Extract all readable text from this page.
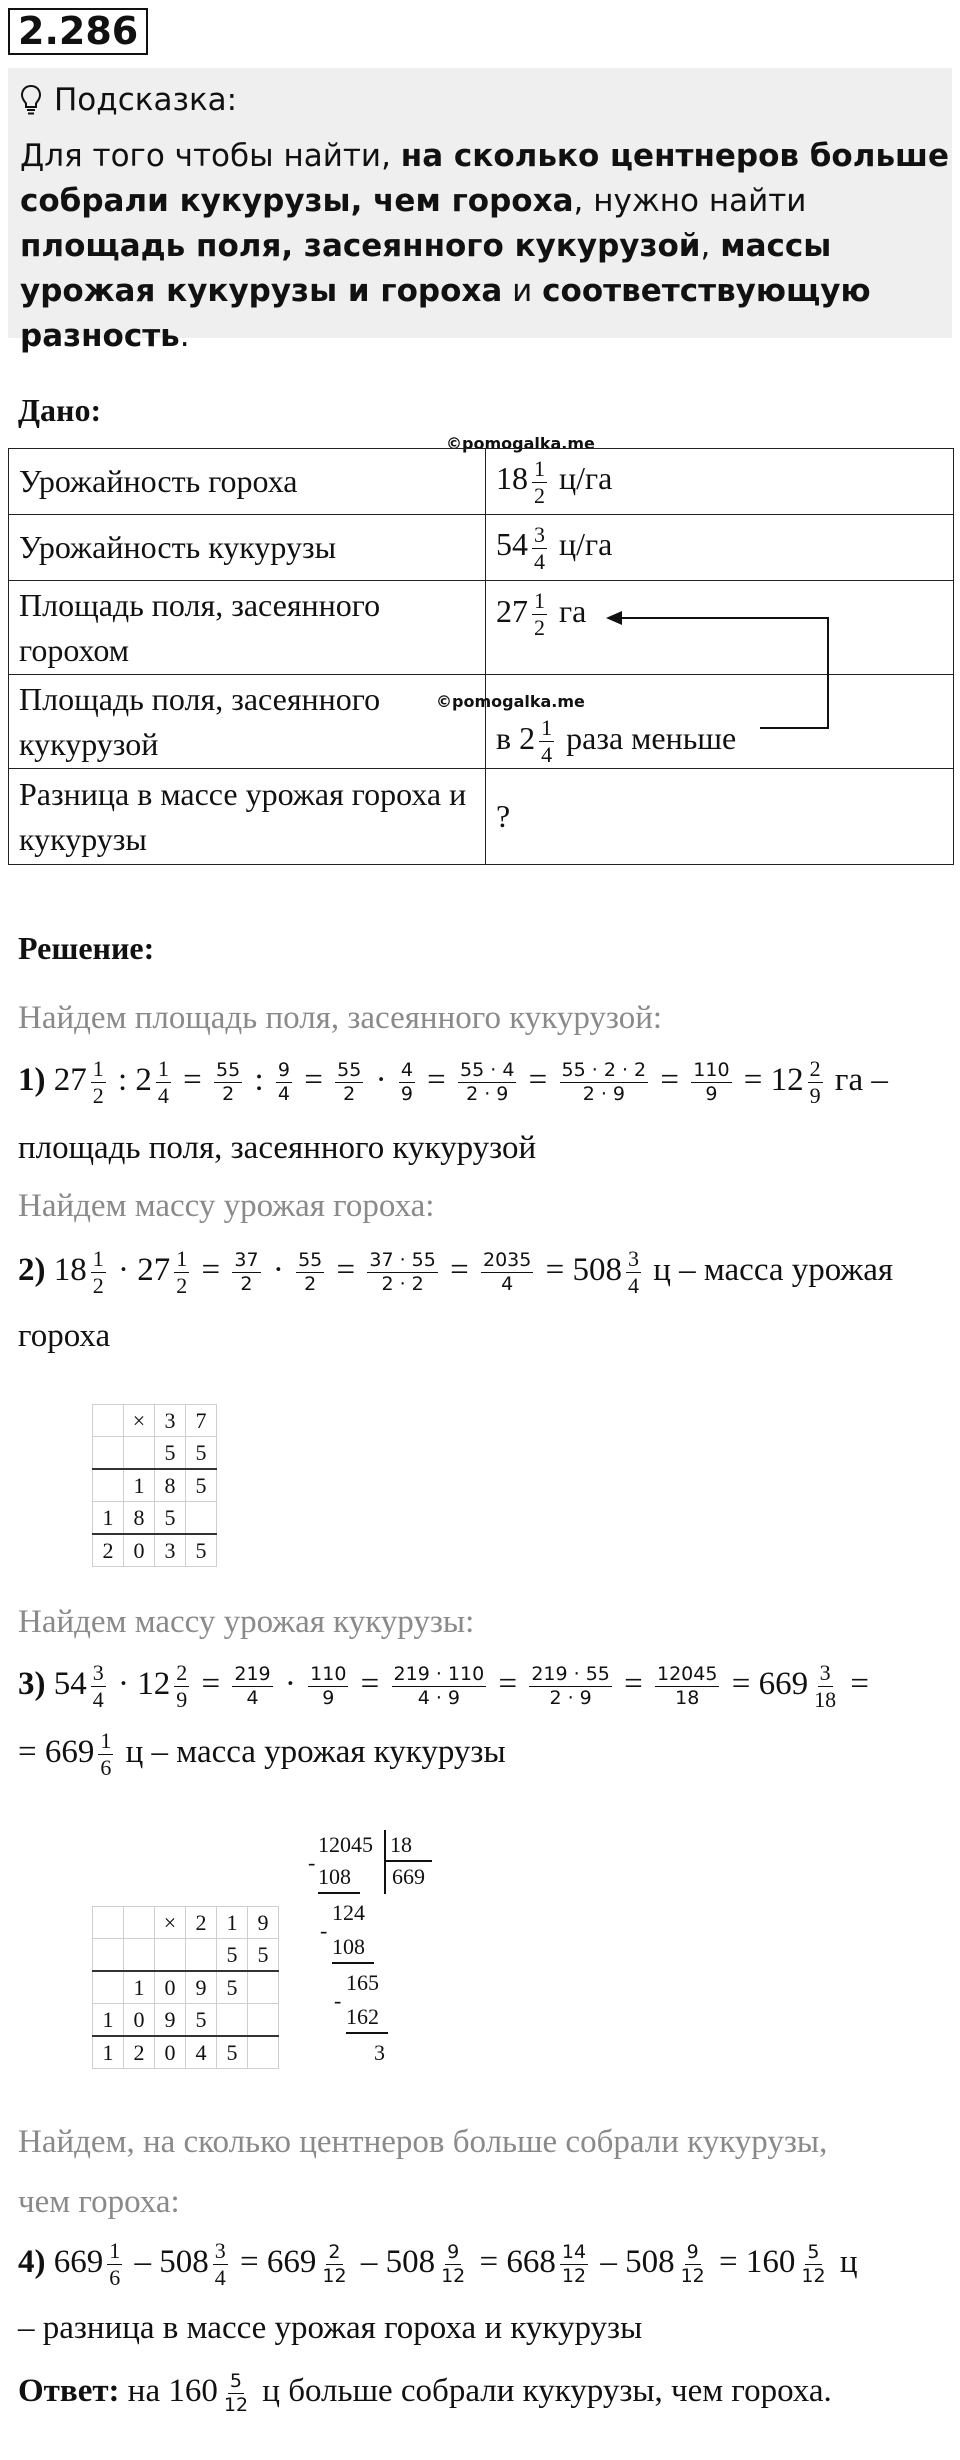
2.286
Подсказка:
Для того чтобы найти, на сколько центнеров больше собрали кукурузы, чем гороха, нужно найти площадь поля, засеянного кукурузой, массы урожая кукурузы и гороха и соответствующую разность.
Дано:
©pomogalka.me
Урожайность гороха	$18 \frac{1}{2} ц/га$
Урожайность кукурузы	$54 \frac{3}{4} ц/га$
Площадь поля, засеянного горохом	$27 \frac{1}{2}$ га
Площадь поля, засеянного кукурузой	в $2 \frac{1}{4}$ раза меньше
Разница в массе урожая гороха и кукурузы	?
©pomogalka.me
Решение:
Найдем площадь поля, засеянного кукурузой:
1) $27 \frac{1}{2}$ : $2 \frac{1}{4} = \frac{55}{2}$ : $\frac{9}{4} = \frac{55}{2} \cdot \frac{4}{9} = \frac{55 \cdot 4}{2 \cdot 9} = \frac{55 \cdot 2 \cdot 2}{2 \cdot 9} = \frac{110}{9} = 12 \frac{2}{9}$ га –
площадь поля, засеянного кукурузой
Найдем массу урожая гороха:
2) $18 \frac{1}{2} \cdot 27 \frac{1}{2} = \frac{37}{2} \cdot \frac{55}{2} = \frac{37 \cdot 55}{2 \cdot 2} = \frac{2035}{4} = 508 \frac{3}{4}$ ц – масса урожая
гороха
	×	3	7
		5	5
	1	8	5
1	8	5	
2	0	3	5
Найдем массу урожая кукурузы:
3) $54 \frac{3}{4} \cdot 12 \frac{2}{9} = \frac{219}{4} \cdot \frac{110}{9} = \frac{219 \cdot 110}{4 \cdot 9} = \frac{219 \cdot 55}{2 \cdot 9} = \frac{12045}{18} = 669 \frac{3}{18}$ =
= $669 \frac{1}{6}$ ц – масса урожая кукурузы
12045 18
669
-
108
124
-
108
165
-
162
3
		×	2	1	9
				5	5
	1	0	9	5	
1	0	9	5		
1	2	0	4	5	
Найдем, на сколько центнеров больше собрали кукурузы,
чем гороха:
4) $669 \frac{1}{6} - 508 \frac{3}{4} = 669 \frac{2}{12} - 508 \frac{9}{12} = 668 \frac{14}{12} - 508 \frac{9}{12} = 160 \frac{5}{12}$ ц
– разница в массе урожая гороха и кукурузы
Ответ: на $160 \frac{5}{12}$ ц больше собрали кукурузы, чем гороха.
